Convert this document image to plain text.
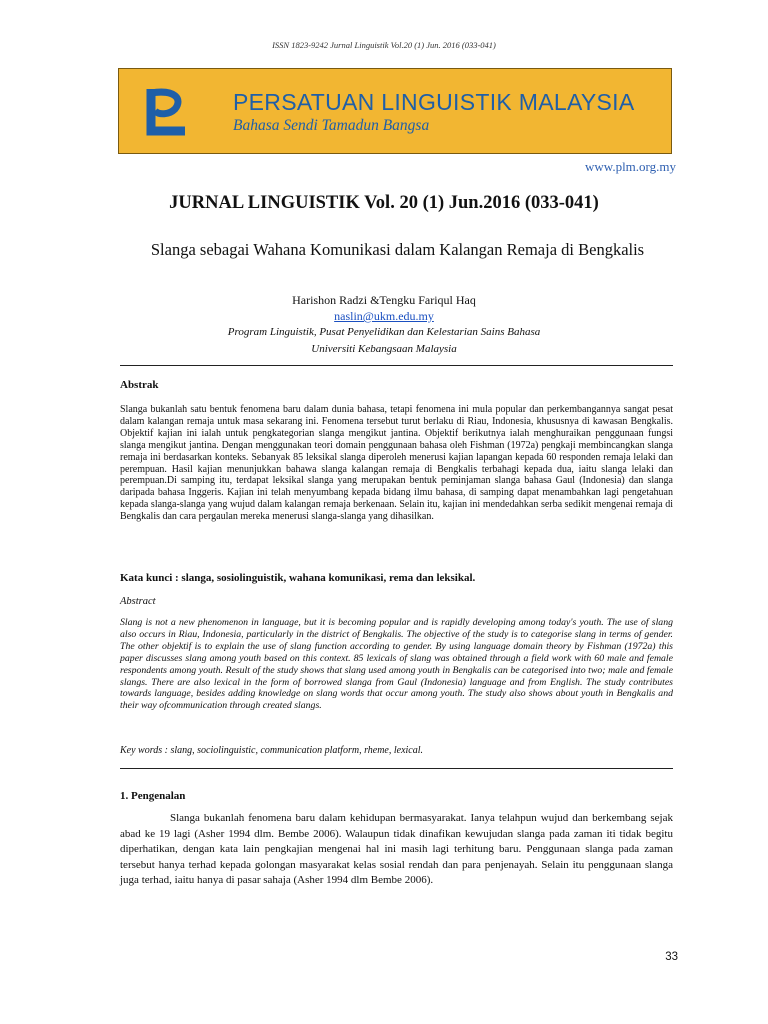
ISSN 1823-9242 Jurnal Linguistik Vol.20 (1) Jun. 2016 (033-041)
PERSATUAN LINGUISTIK MALAYSIA
Bahasa Sendi Tamadun Bangsa
www.plm.org.my
JURNAL LINGUISTIK Vol. 20 (1) Jun.2016 (033-041)
Slanga sebagai Wahana Komunikasi dalam Kalangan Remaja di Bengkalis
Harishon Radzi &Tengku Fariqul Haq
naslin@ukm.edu.my
Program Linguistik, Pusat Penyelidikan dan Kelestarian Sains Bahasa
Universiti Kebangsaan Malaysia
Abstrak
Slanga bukanlah satu bentuk fenomena baru dalam dunia bahasa, tetapi fenomena ini mula popular dan perkembangannya sangat pesat dalam kalangan remaja untuk masa sekarang ini. Fenomena tersebut turut berlaku di Riau, Indonesia, khususnya di kawasan Bengkalis. Objektif kajian ini ialah untuk pengkategorian slanga mengikut jantina. Objektif berikutnya ialah menghuraikan penggunaan fungsi slanga mengikut jantina. Dengan menggunakan teori domain penggunaan bahasa oleh Fishman (1972a) pengkaji membincangkan slanga remaja ini berdasarkan konteks. Sebanyak 85 leksikal slanga diperoleh menerusi kajian lapangan kepada 60 responden remaja lelaki dan perempuan. Hasil kajian menunjukkan bahawa slanga kalangan remaja di Bengkalis terbahagi kepada dua, iaitu slanga lelaki dan perempuan.Di samping itu, terdapat leksikal slanga yang merupakan bentuk peminjaman slanga bahasa Gaul (Indonesia) dan slanga daripada bahasa Inggeris. Kajian ini telah menyumbang kepada bidang ilmu bahasa, di samping dapat menambahkan lagi pengetahuan kepada slanga-slanga yang wujud dalam kalangan remaja berkenaan. Selain itu, kajian ini mendedahkan serba sedikit mengenai remaja di Bengkalis dan cara pergaulan mereka menerusi slanga-slanga yang dihasilkan.
Kata kunci : slanga, sosiolinguistik, wahana komunikasi, rema dan leksikal.
Abstract
Slang is not a new phenomenon in language, but it is becoming popular and is rapidly developing among today's youth. The use of slang also occurs in Riau, Indonesia, particularly in the district of Bengkalis. The objective of the study is to categorise slang in terms of gender. The other objektif is to explain the use of slang function according to gender. By using language domain theory by Fishman (1972a) this paper discusses slang among youth based on this context. 85 lexicals of slang was obtained through a field work with 60 male and female respondents among youth. Result of the study shows that slang used among youth in Bengkalis can be categorised into two; male and female slangs. There are also lexical in the form of borrowed slanga from Gaul (Indonesia) language and from English. The study contributes towards language, besides adding knowledge on slang words that occur among youth. The study also shows about youth in Bengkalis and their way ofcommunication through created slangs.
Key words : slang, sociolinguistic, communication platform, rheme, lexical.
1. Pengenalan

Slanga bukanlah fenomena baru dalam kehidupan bermasyarakat. Ianya telahpun wujud dan berkembang sejak abad ke 19 lagi (Asher 1994 dlm. Bembe 2006). Walaupun tidak dinafikan kewujudan slanga pada zaman iti tidak begitu diperhatikan, dengan kata lain pengkajian mengenai hal ini masih lagi terhitung baru. Penggunaan slanga pada zaman tersebut hanya terhad kepada golongan masyarakat kelas sosial rendah dan para penjenayah. Selain itu penggunaan slanga juga terhad, iaitu hanya di pasar sahaja (Asher 1994 dlm Bembe 2006).

33
